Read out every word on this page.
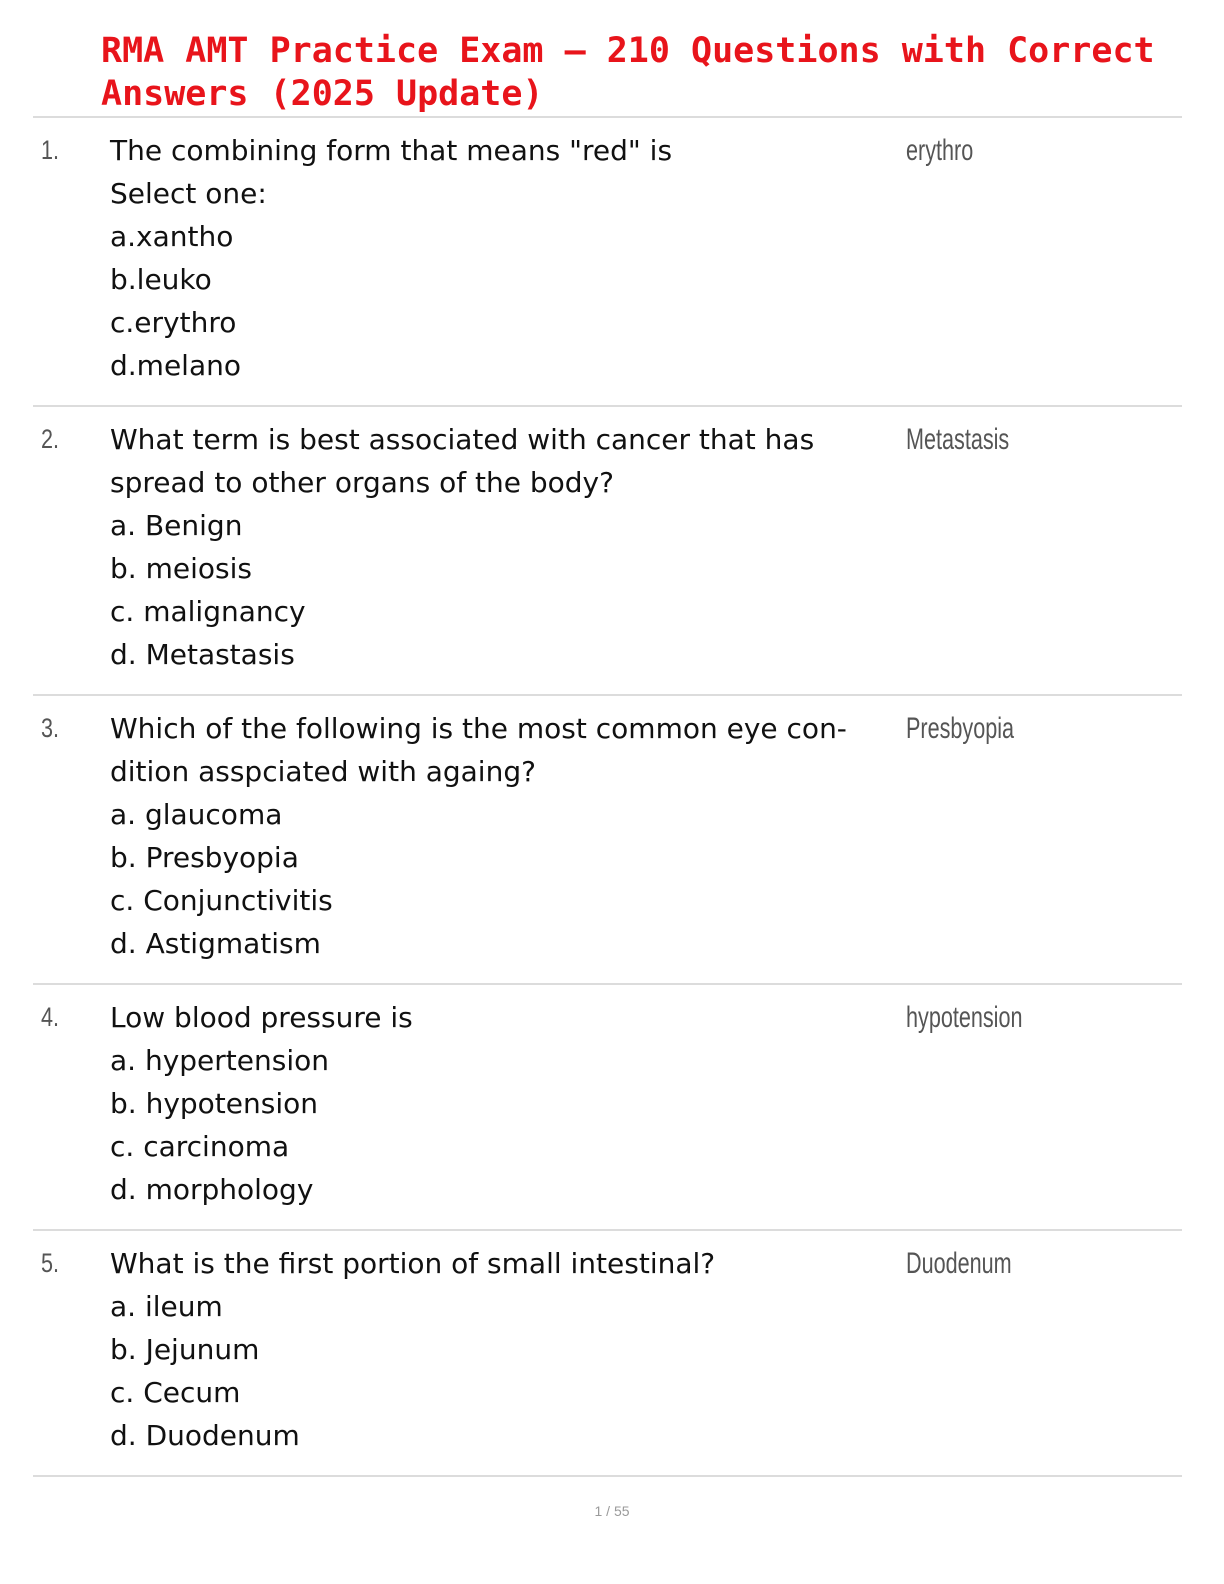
RMA AMT Practice Exam – 210 Questions with Correct
Answers (2025 Update)
1. The combining form that means "red" is
Select one:
a.xantho
b.leuko
c.erythro
d.melano
erythro
2. What term is best associated with cancer that has
spread to other organs of the body?
a. Benign
b. meiosis
c. malignancy
d. Metastasis
Metastasis
3. Which of the following is the most common eye con-
dition asspciated with againg?
a. glaucoma
b. Presbyopia
c. Conjunctivitis
d. Astigmatism
Presbyopia
4. Low blood pressure is
a. hypertension
b. hypotension
c. carcinoma
d. morphology
hypotension
5. What is the first portion of small intestinal?
a. ileum
b. Jejunum
c. Cecum
d. Duodenum
Duodenum
1 / 55
